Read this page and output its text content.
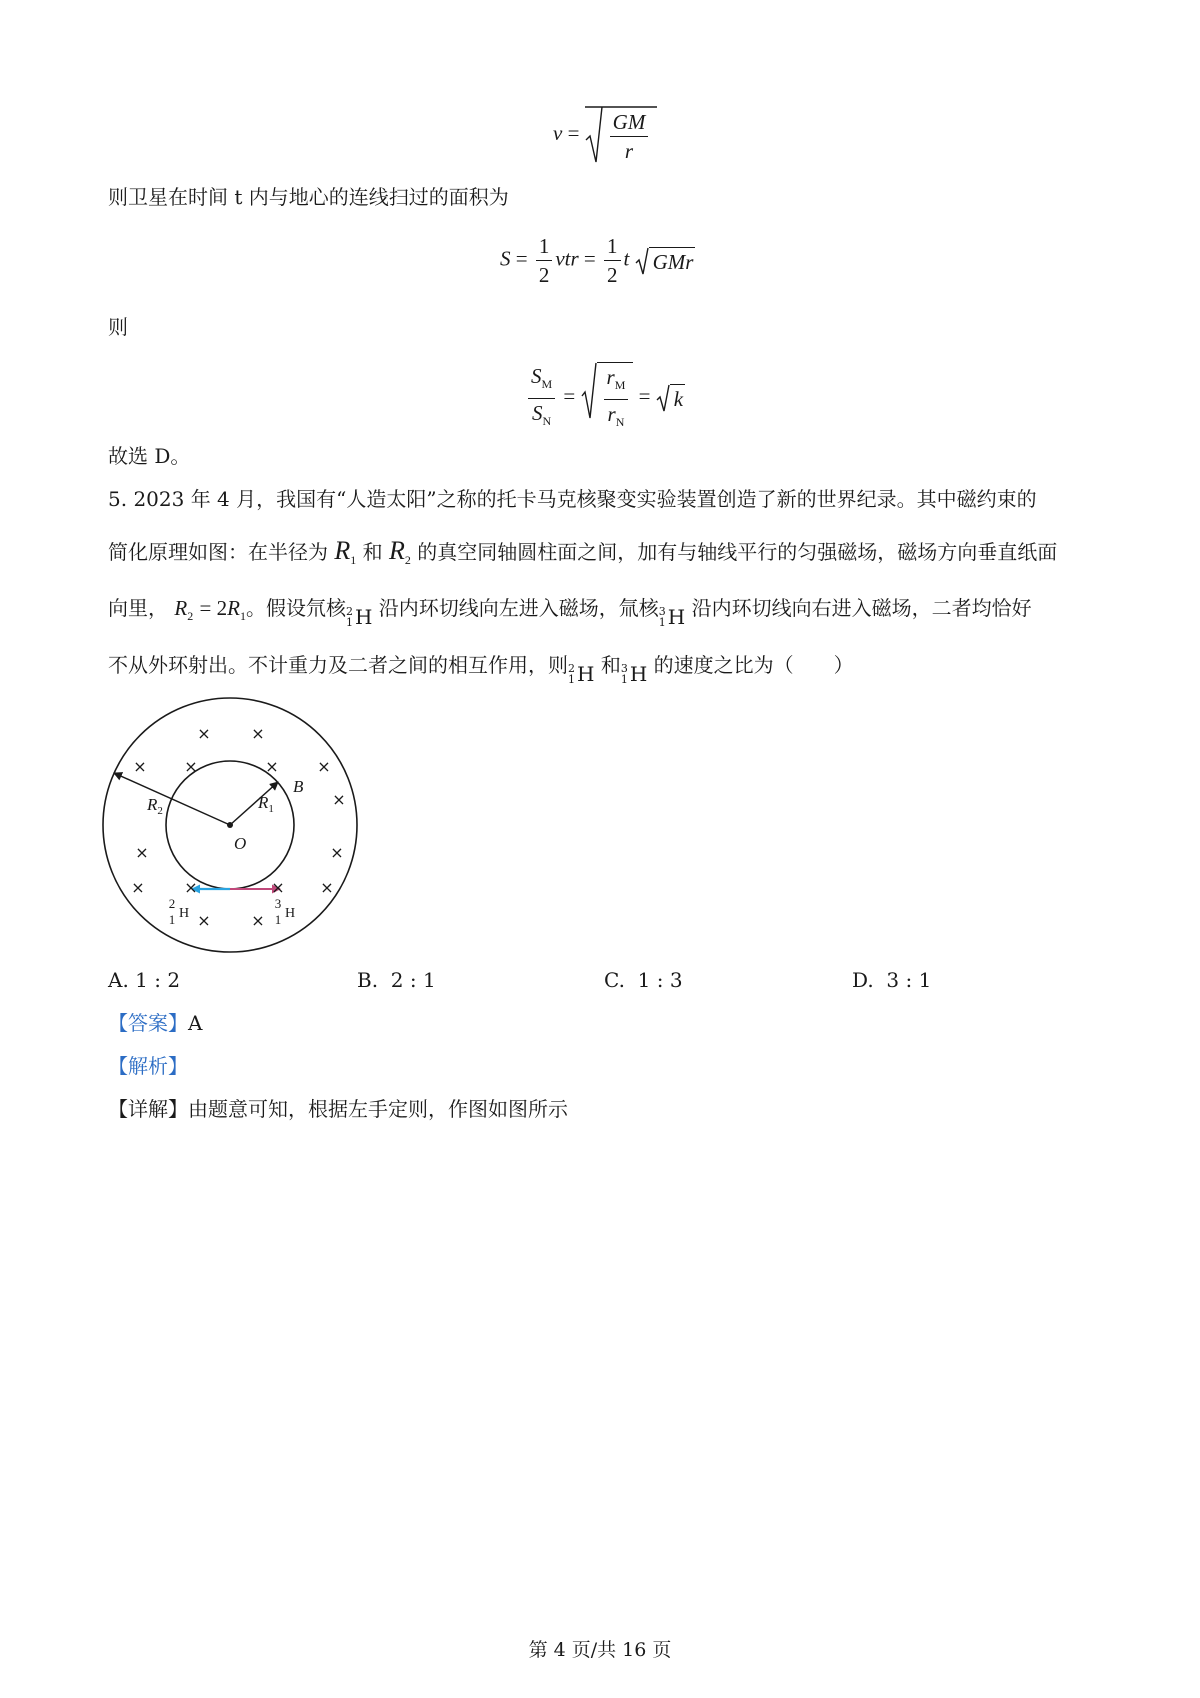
$v = \frac{GM}{r}$
则卫星在时间 t 内与地心的连线扫过的面积为
$S = \frac{1}{2}$ vtr = $\frac{1}{2}$ t GMr
则
$\frac{S_M}{S_N} = \frac{r_M}{r_N} = k$
故选 D。
5. 2023 年 4 月，我国有“人造太阳”之称的托卡马克核聚变实验装置创造了新的世界纪录。其中磁约束的
简化原理如图：在半径为 $R_1$ 和 $R_2$ 的真空同轴圆柱面之间，加有与轴线平行的匀强磁场，磁场方向垂直纸面
向里， $R_2 = 2R_1$。假设氘核 2
1 H 沿内环切线向左进入磁场，氚核 3
1 H 沿内环切线向右进入磁场，二者均恰好
不从外环射出。不计重力及二者之间的相互作用，则 2
1 H 和 3
1 H 的速度之比为（　　）
×	×
× ×	× ×
×
×	×
× ×	× ×
×	×
$R_2$	$R_1$
B
O
2
1 H
3
1 H
A. 1 : 2	B. 2 : 1	C. 1 : 3	D. 3 : 1
【答案】A
【解析】
【详解】由题意可知，根据左手定则，作图如图所示
第 4 页/共 16 页
